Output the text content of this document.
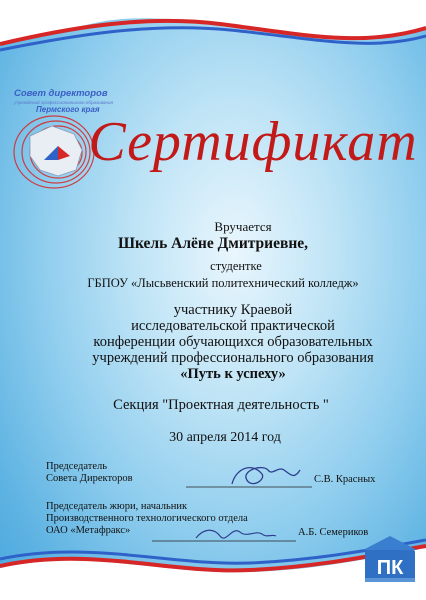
Совет директоров
учреждений профессионального образования
Пермского края
Сертификат
Вручается
Шкель Алёне Дмитриевне,
студентке
ГБПОУ «Лысьвенский политехнический колледж»
участнику Краевой
исследовательской практической
конференции обучающихся образовательных
учреждений профессионального образования
«Путь к успеху»
Секция "Проектная деятельность "
30 апреля 2014 год
Председатель
Совета Директоров	С.В. Красных
Председатель жюри, начальник
Производственного технологического отдела
ОАО «Метафракс»	А.Б. Семериков
ПК
